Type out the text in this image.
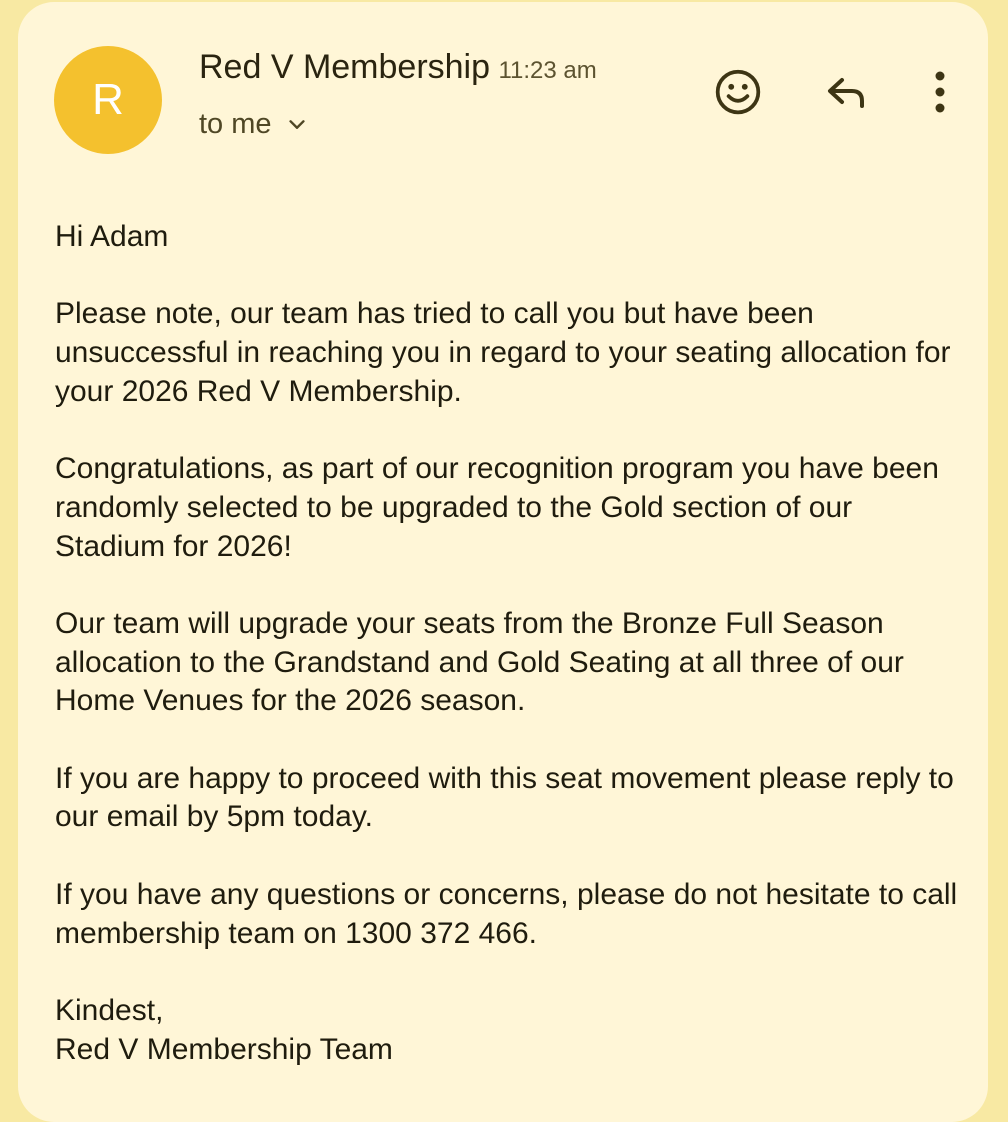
R
Red V Membership 11:23 am
to me

Hi Adam

Please note, our team has tried to call you but have been unsuccessful in reaching you in regard to your seating allocation for your 2026 Red V Membership.

Congratulations, as part of our recognition program you have been randomly selected to be upgraded to the Gold section of our Stadium for 2026!

Our team will upgrade your seats from the Bronze Full Season allocation to the Grandstand and Gold Seating at all three of our Home Venues for the 2026 season.

If you are happy to proceed with this seat movement please reply to our email by 5pm today.

If you have any questions or concerns, please do not hesitate to call membership team on 1300 372 466.

Kindest,

Red V Membership Team
